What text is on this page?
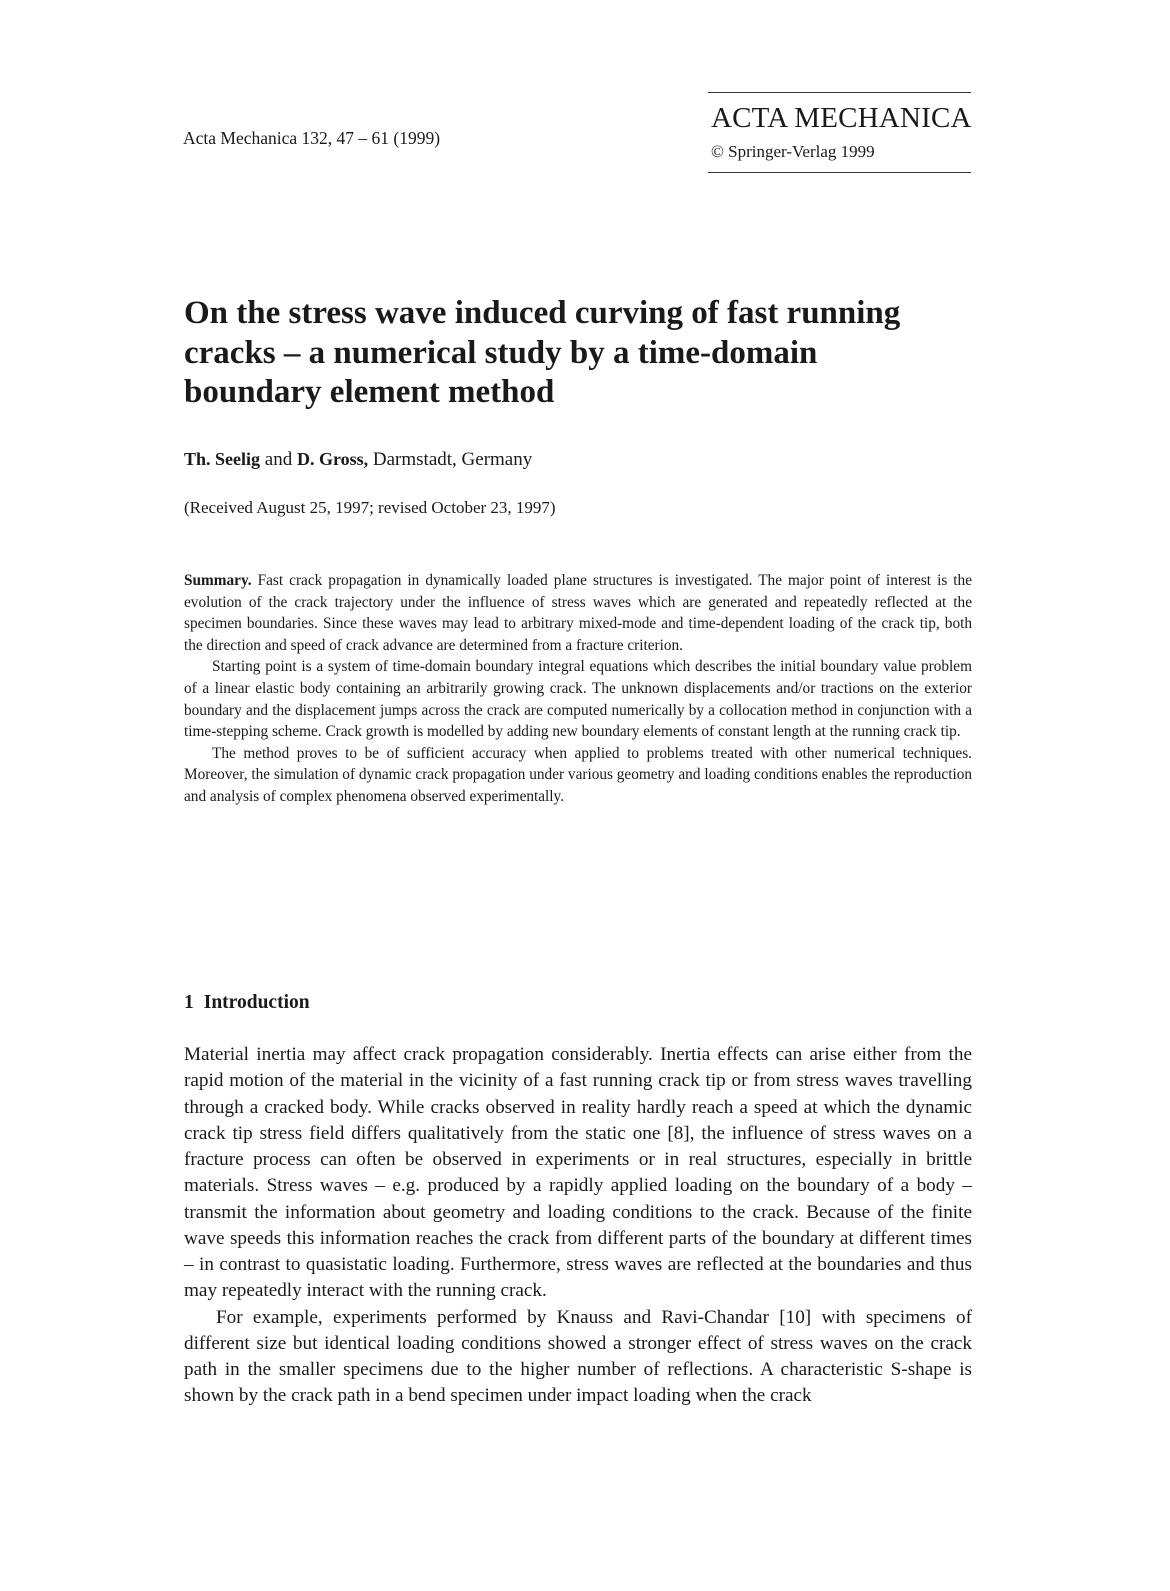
Acta Mechanica 132, 47 – 61 (1999)
ACTA MECHANICA
© Springer-Verlag 1999
On the stress wave induced curving of fast running
cracks – a numerical study by a time-domain
boundary element method
Th. Seelig and D. Gross, Darmstadt, Germany
(Received August 25, 1997; revised October 23, 1997)

Summary. Fast crack propagation in dynamically loaded plane structures is investigated. The major point of interest is the evolution of the crack trajectory under the influence of stress waves which are generated and repeatedly reflected at the specimen boundaries. Since these waves may lead to arbitrary mixed-mode and time-dependent loading of the crack tip, both the direction and speed of crack advance are determined from a fracture criterion.

Starting point is a system of time-domain boundary integral equations which describes the initial boundary value problem of a linear elastic body containing an arbitrarily growing crack. The unknown displacements and/or tractions on the exterior boundary and the displacement jumps across the crack are computed numerically by a collocation method in conjunction with a time-stepping scheme. Crack growth is modelled by adding new boundary elements of constant length at the running crack tip.

The method proves to be of sufficient accuracy when applied to problems treated with other numerical techniques. Moreover, the simulation of dynamic crack propagation under various geometry and loading conditions enables the reproduction and analysis of complex phenomena observed experimentally.

1 Introduction

Material inertia may affect crack propagation considerably. Inertia effects can arise either from the rapid motion of the material in the vicinity of a fast running crack tip or from stress waves travelling through a cracked body. While cracks observed in reality hardly reach a speed at which the dynamic crack tip stress field differs qualitatively from the static one [8], the influence of stress waves on a fracture process can often be observed in experiments or in real structures, especially in brittle materials. Stress waves – e.g. produced by a rapidly applied loading on the boundary of a body – transmit the information about geometry and loading conditions to the crack. Because of the finite wave speeds this information reaches the crack from different parts of the boundary at different times – in contrast to quasistatic loading. Furthermore, stress waves are reflected at the boundaries and thus may repeatedly interact with the running crack.

For example, experiments performed by Knauss and Ravi-Chandar [10] with specimens of different size but identical loading conditions showed a stronger effect of stress waves on the crack path in the smaller specimens due to the higher number of reflections. A characteristic S-shape is shown by the crack path in a bend specimen under impact loading when the crack
